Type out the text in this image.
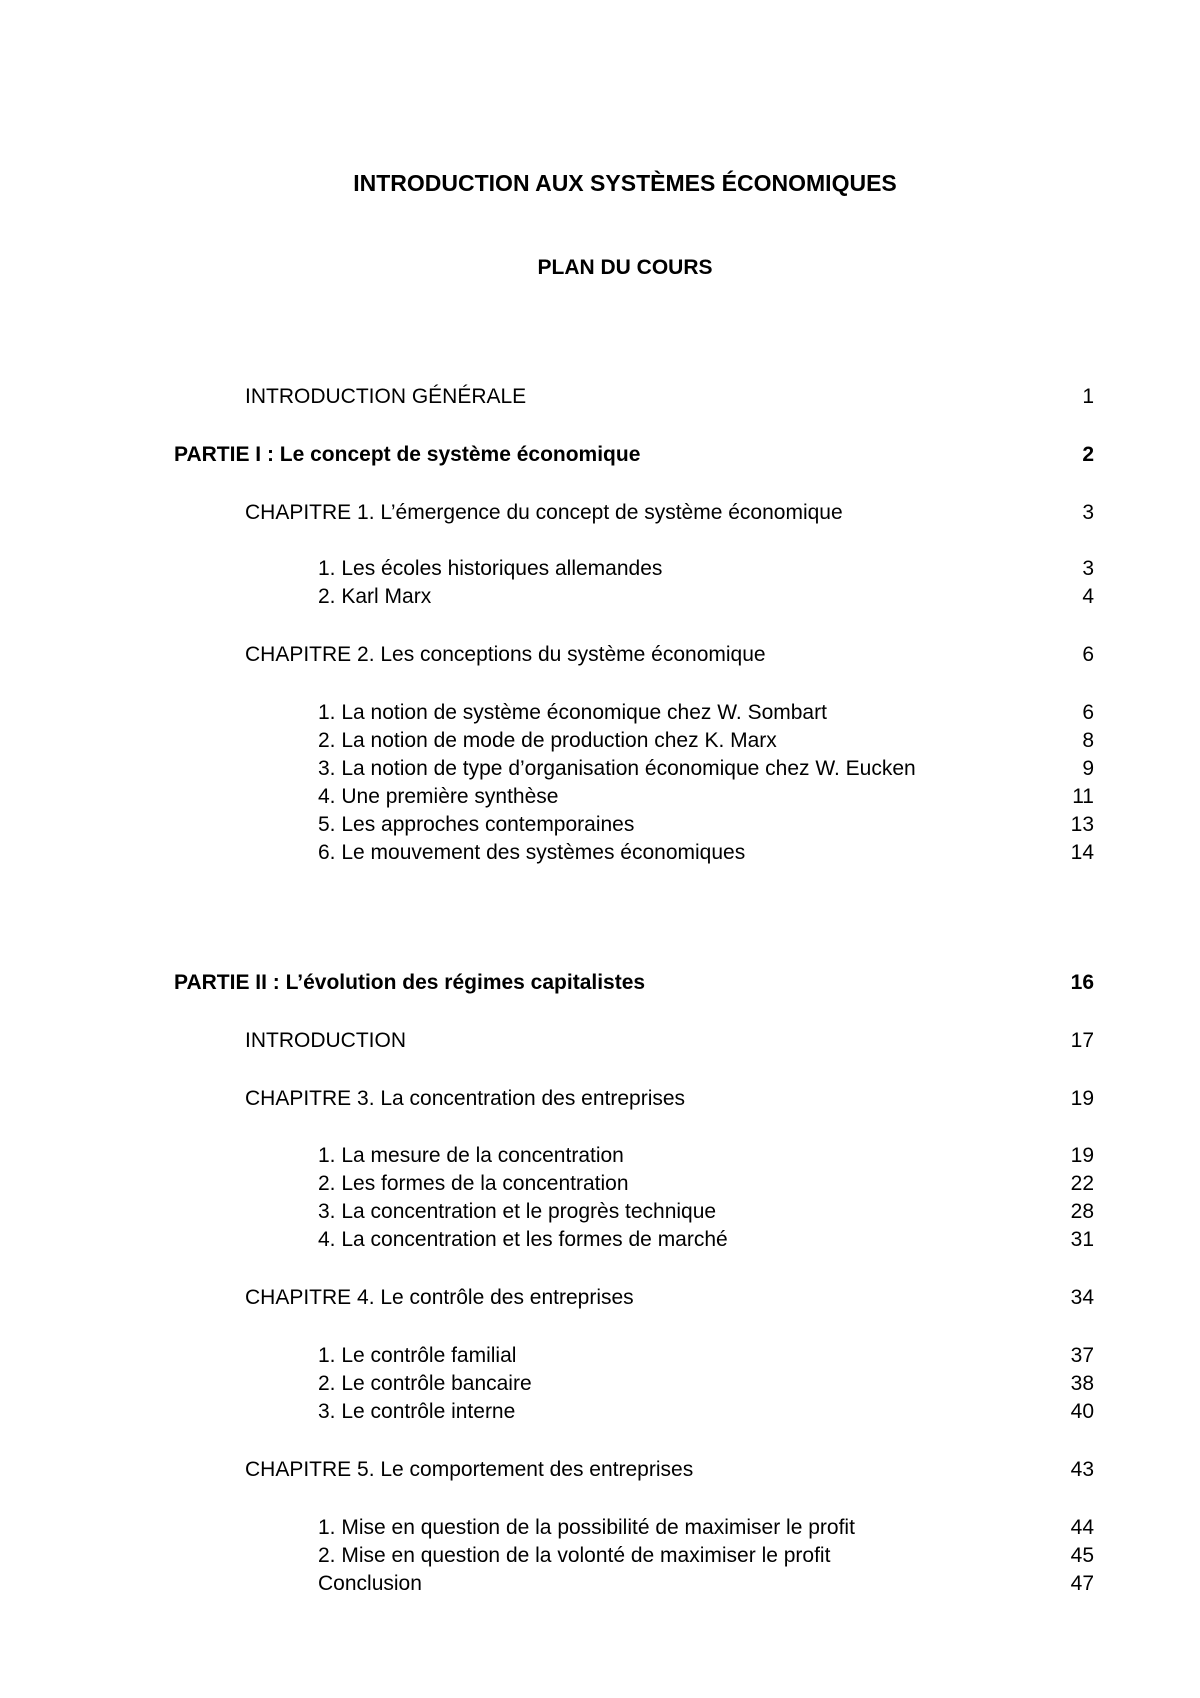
INTRODUCTION AUX SYSTÈMES ÉCONOMIQUES
PLAN DU COURS
INTRODUCTION GÉNÉRALE	1
PARTIE I : Le concept de système économique	2
CHAPITRE 1. L’émergence du concept de système économique	3
1. Les écoles historiques allemandes	3
2. Karl Marx	4
CHAPITRE 2. Les conceptions du système économique	6
1. La notion de système économique chez W. Sombart	6
2. La notion de mode de production chez K. Marx	8
3. La notion de type d’organisation économique chez W. Eucken	9
4. Une première synthèse	11
5. Les approches contemporaines	13
6. Le mouvement des systèmes économiques	14
PARTIE II : L’évolution des régimes capitalistes	16
INTRODUCTION	17
CHAPITRE 3. La concentration des entreprises	19
1. La mesure de la concentration	19
2. Les formes de la concentration	22
3. La concentration et le progrès technique	28
4. La concentration et les formes de marché	31
CHAPITRE 4. Le contrôle des entreprises	34
1. Le contrôle familial	37
2. Le contrôle bancaire	38
3. Le contrôle interne	40
CHAPITRE 5. Le comportement des entreprises	43
1. Mise en question de la possibilité de maximiser le profit	44
2. Mise en question de la volonté de maximiser le profit	45
Conclusion	47
